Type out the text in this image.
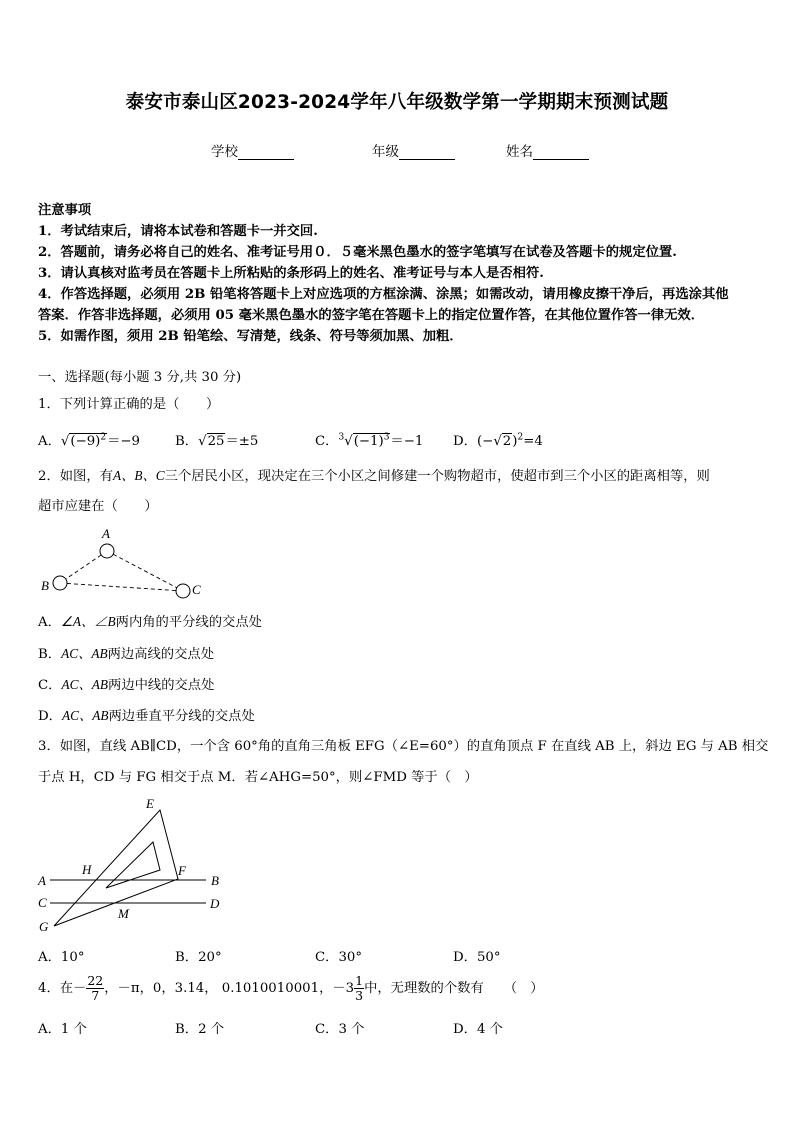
泰安市泰山区2023-2024学年八年级数学第一学期期末预测试题
学校	年级	姓名
注意事项
1．考试结束后，请将本试卷和答题卡一并交回.
2．答题前，请务必将自己的姓名、准考证号用０．５毫米黑色墨水的签字笔填写在试卷及答题卡的规定位置.
3．请认真核对监考员在答题卡上所粘贴的条形码上的姓名、准考证号与本人是否相符.
4．作答选择题，必须用 2B 铅笔将答题卡上对应选项的方框涂满、涂黑；如需改动，请用橡皮擦干净后，再选涂其他
答案．作答非选择题，必须用 05 毫米黑色墨水的签字笔在答题卡上的指定位置作答，在其他位置作答一律无效．
5．如需作图，须用 2B 铅笔绘、写清楚，线条、符号等须加黑、加粗．
一、选择题(每小题 3 分,共 30 分)
1．下列计算正确的是（　　）
A．$√(-9)^2=-9$	B．√25＝±5	C．$^3√(-1)^3=-1$ D．$(-√2)^2=4$
2．如图，有A、B、C三个居民小区，现决定在三个小区之间修建一个购物超市，使超市到三个小区的距离相等，则
超市应建在（　　）
A
B	C
A．∠A、∠B两内角的平分线的交点处
B．AC、AB两边高线的交点处
C．AC、AB两边中线的交点处
D．AC、AB两边垂直平分线的交点处
3．如图，直线 AB∥CD，一个含 60°角的直角三角板 EFG（∠E=60°）的直角顶点 F 在直线 AB 上，斜边 EG 与 AB 相交
于点 H，CD 与 FG 相交于点 M．若∠AHG=50°，则∠FMD 等于（　）
E
H	F
A	B
C	D
M
G
A．10°	B．20°	C．30°	D．50°
4．在－ $\frac{22}{7}$ ，－π，0，3.14， 0.1010010001，$-3 \frac{1}{3}$ 中，无理数的个数有　　（　）
A．1 个	B．2 个	C．3 个	D．4 个
